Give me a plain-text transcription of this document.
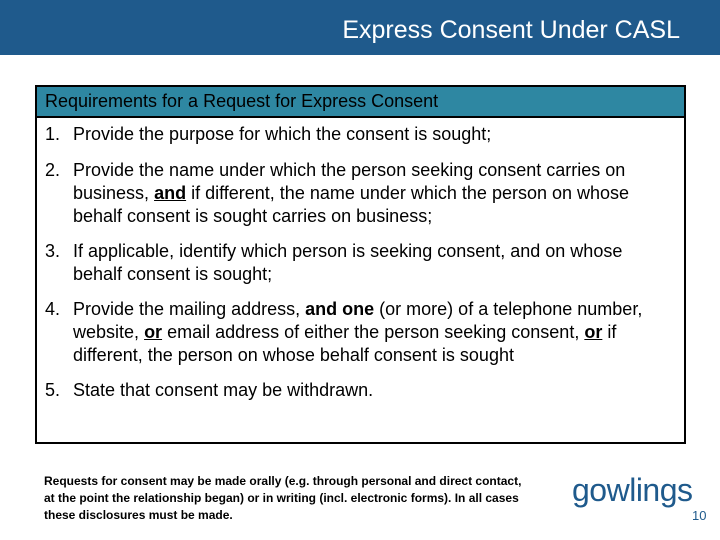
Express Consent Under CASL
Requirements for a Request for Express Consent
1. Provide the purpose for which the consent is sought;
2. Provide the name under which the person seeking consent carries on business, and if different, the name under which the person on whose behalf consent is sought carries on business;
3. If applicable, identify which person is seeking consent, and on whose behalf consent is sought;
4. Provide the mailing address, and one (or more) of a telephone number, website, or email address of either the person seeking consent, or if different, the person on whose behalf consent is sought
5. State that consent may be withdrawn.
Requests for consent may be made orally (e.g. through personal and direct contact, at the point the relationship began) or in writing (incl. electronic forms). In all cases these disclosures must be made.
gowlings
10
